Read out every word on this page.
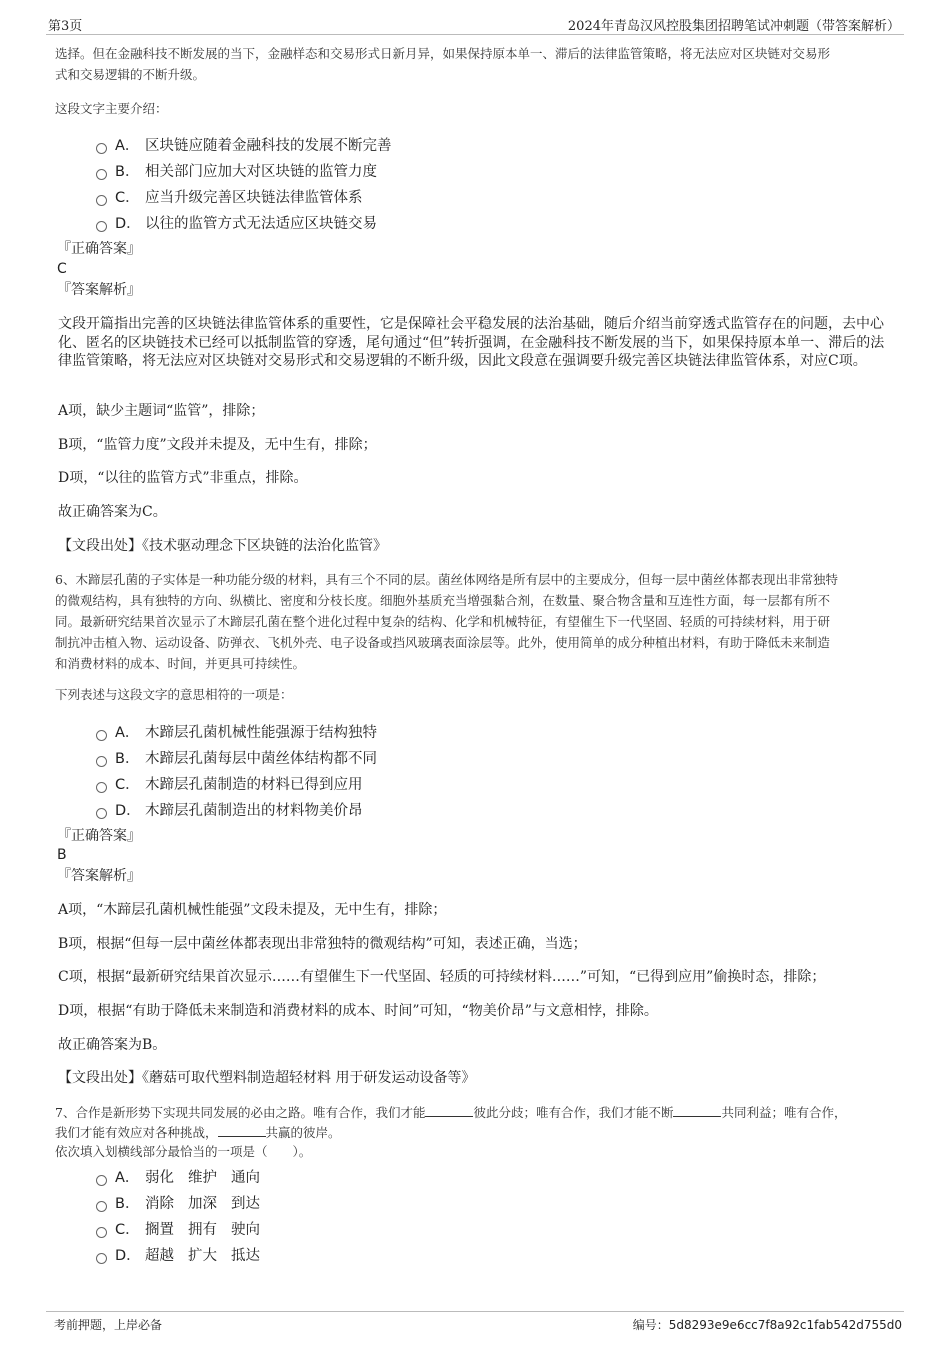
第3页	2024年青岛汉风控股集团招聘笔试冲刺题（带答案解析）
选择。但在金融科技不断发展的当下，金融样态和交易形式日新月异，如果保持原本单一、滞后的法律监管策略，将无法应对区块链对交易形
式和交易逻辑的不断升级。
这段文字主要介绍：
A． 区块链应随着金融科技的发展不断完善
B． 相关部门应加大对区块链的监管力度
C． 应当升级完善区块链法律监管体系
D． 以往的监管方式无法适应区块链交易
『正确答案』
C
『答案解析』
文段开篇指出完善的区块链法律监管体系的重要性，它是保障社会平稳发展的法治基础，随后介绍当前穿透式监管存在的问题，去中心化、匿名的区块链技术已经可以抵制监管的穿透，尾句通过“但”转折强调，在金融科技不断发展的当下，如果保持原本单一、滞后的法律监管策略，将无法应对区块链对交易形式和交易逻辑的不断升级，因此文段意在强调要升级完善区块链法律监管体系，对应C项。
A项，缺少主题词“监管”，排除；
B项，“监管力度”文段并未提及，无中生有，排除；
D项，“以往的监管方式”非重点，排除。
故正确答案为C。
【文段出处】《技术驱动理念下区块链的法治化监管》
6、木蹄层孔菌的子实体是一种功能分级的材料，具有三个不同的层。菌丝体网络是所有层中的主要成分，但每一层中菌丝体都表现出非常独特
的微观结构，具有独特的方向、纵横比、密度和分枝长度。细胞外基质充当增强黏合剂，在数量、聚合物含量和互连性方面，每一层都有所不
同。最新研究结果首次显示了木蹄层孔菌在整个进化过程中复杂的结构、化学和机械特征，有望催生下一代坚固、轻质的可持续材料，用于研
制抗冲击植入物、运动设备、防弹衣、飞机外壳、电子设备或挡风玻璃表面涂层等。此外，使用简单的成分种植出材料，有助于降低未来制造
和消费材料的成本、时间，并更具可持续性。
下列表述与这段文字的意思相符的一项是：
A． 木蹄层孔菌机械性能强源于结构独特
B． 木蹄层孔菌每层中菌丝体结构都不同
C． 木蹄层孔菌制造的材料已得到应用
D． 木蹄层孔菌制造出的材料物美价昂
『正确答案』
B
『答案解析』
A项，“木蹄层孔菌机械性能强”文段未提及，无中生有，排除；
B项，根据“但每一层中菌丝体都表现出非常独特的微观结构”可知，表述正确，当选；
C项，根据“最新研究结果首次显示……有望催生下一代坚固、轻质的可持续材料……”可知，“已得到应用”偷换时态，排除；
D项，根据“有助于降低未来制造和消费材料的成本、时间”可知，“物美价昂”与文意相悖，排除。
故正确答案为B。
【文段出处】《蘑菇可取代塑料制造超轻材料 用于研发运动设备等》
7、合作是新形势下实现共同发展的必由之路。唯有合作，我们才能	彼此分歧；唯有合作，我们才能不断	共同利益；唯有合作，
我们才能有效应对各种挑战，	共赢的彼岸。
依次填入划横线部分最恰当的一项是（　　）。
A． 弱化 维护 通向
B． 消除 加深 到达
C． 搁置 拥有 驶向
D． 超越 扩大 抵达
考前押题，上岸必备	编号：5d8293e9e6cc7f8a92c1fab542d755d0
